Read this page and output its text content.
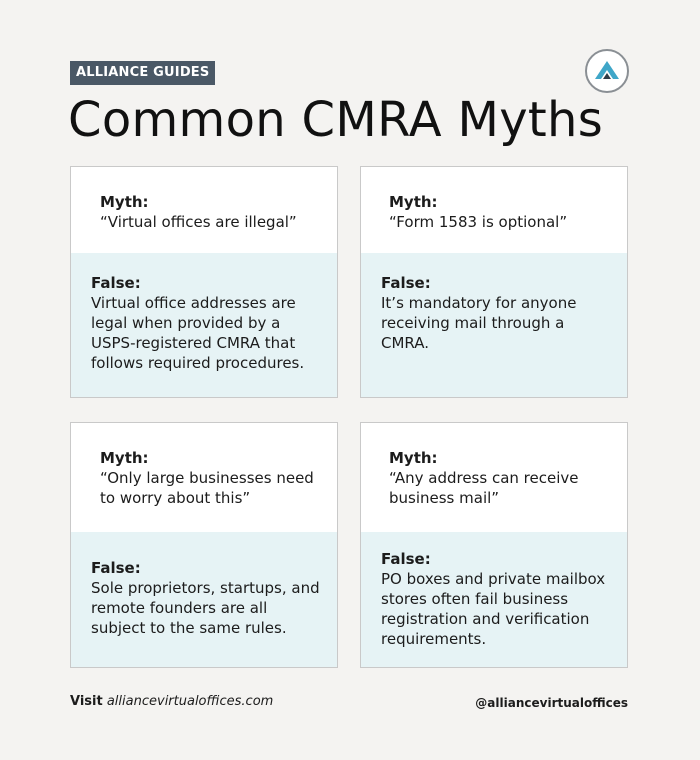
ALLIANCE GUIDES
Common CMRA Myths
Myth:
“Virtual offices are illegal”
False:
Virtual office addresses are legal when provided by a USPS-registered CMRA that follows required procedures.
Myth:
“Form 1583 is optional”
False:
It’s mandatory for anyone receiving mail through a CMRA.
Myth:
“Only large businesses need to worry about this”
False:
Sole proprietors, startups, and remote founders are all subject to the same rules.
Myth:
“Any address can receive business mail”
False:
PO boxes and private mailbox stores often fail business registration and verification requirements.
Visit alliancevirtualoffices.com	@alliancevirtualoffices
